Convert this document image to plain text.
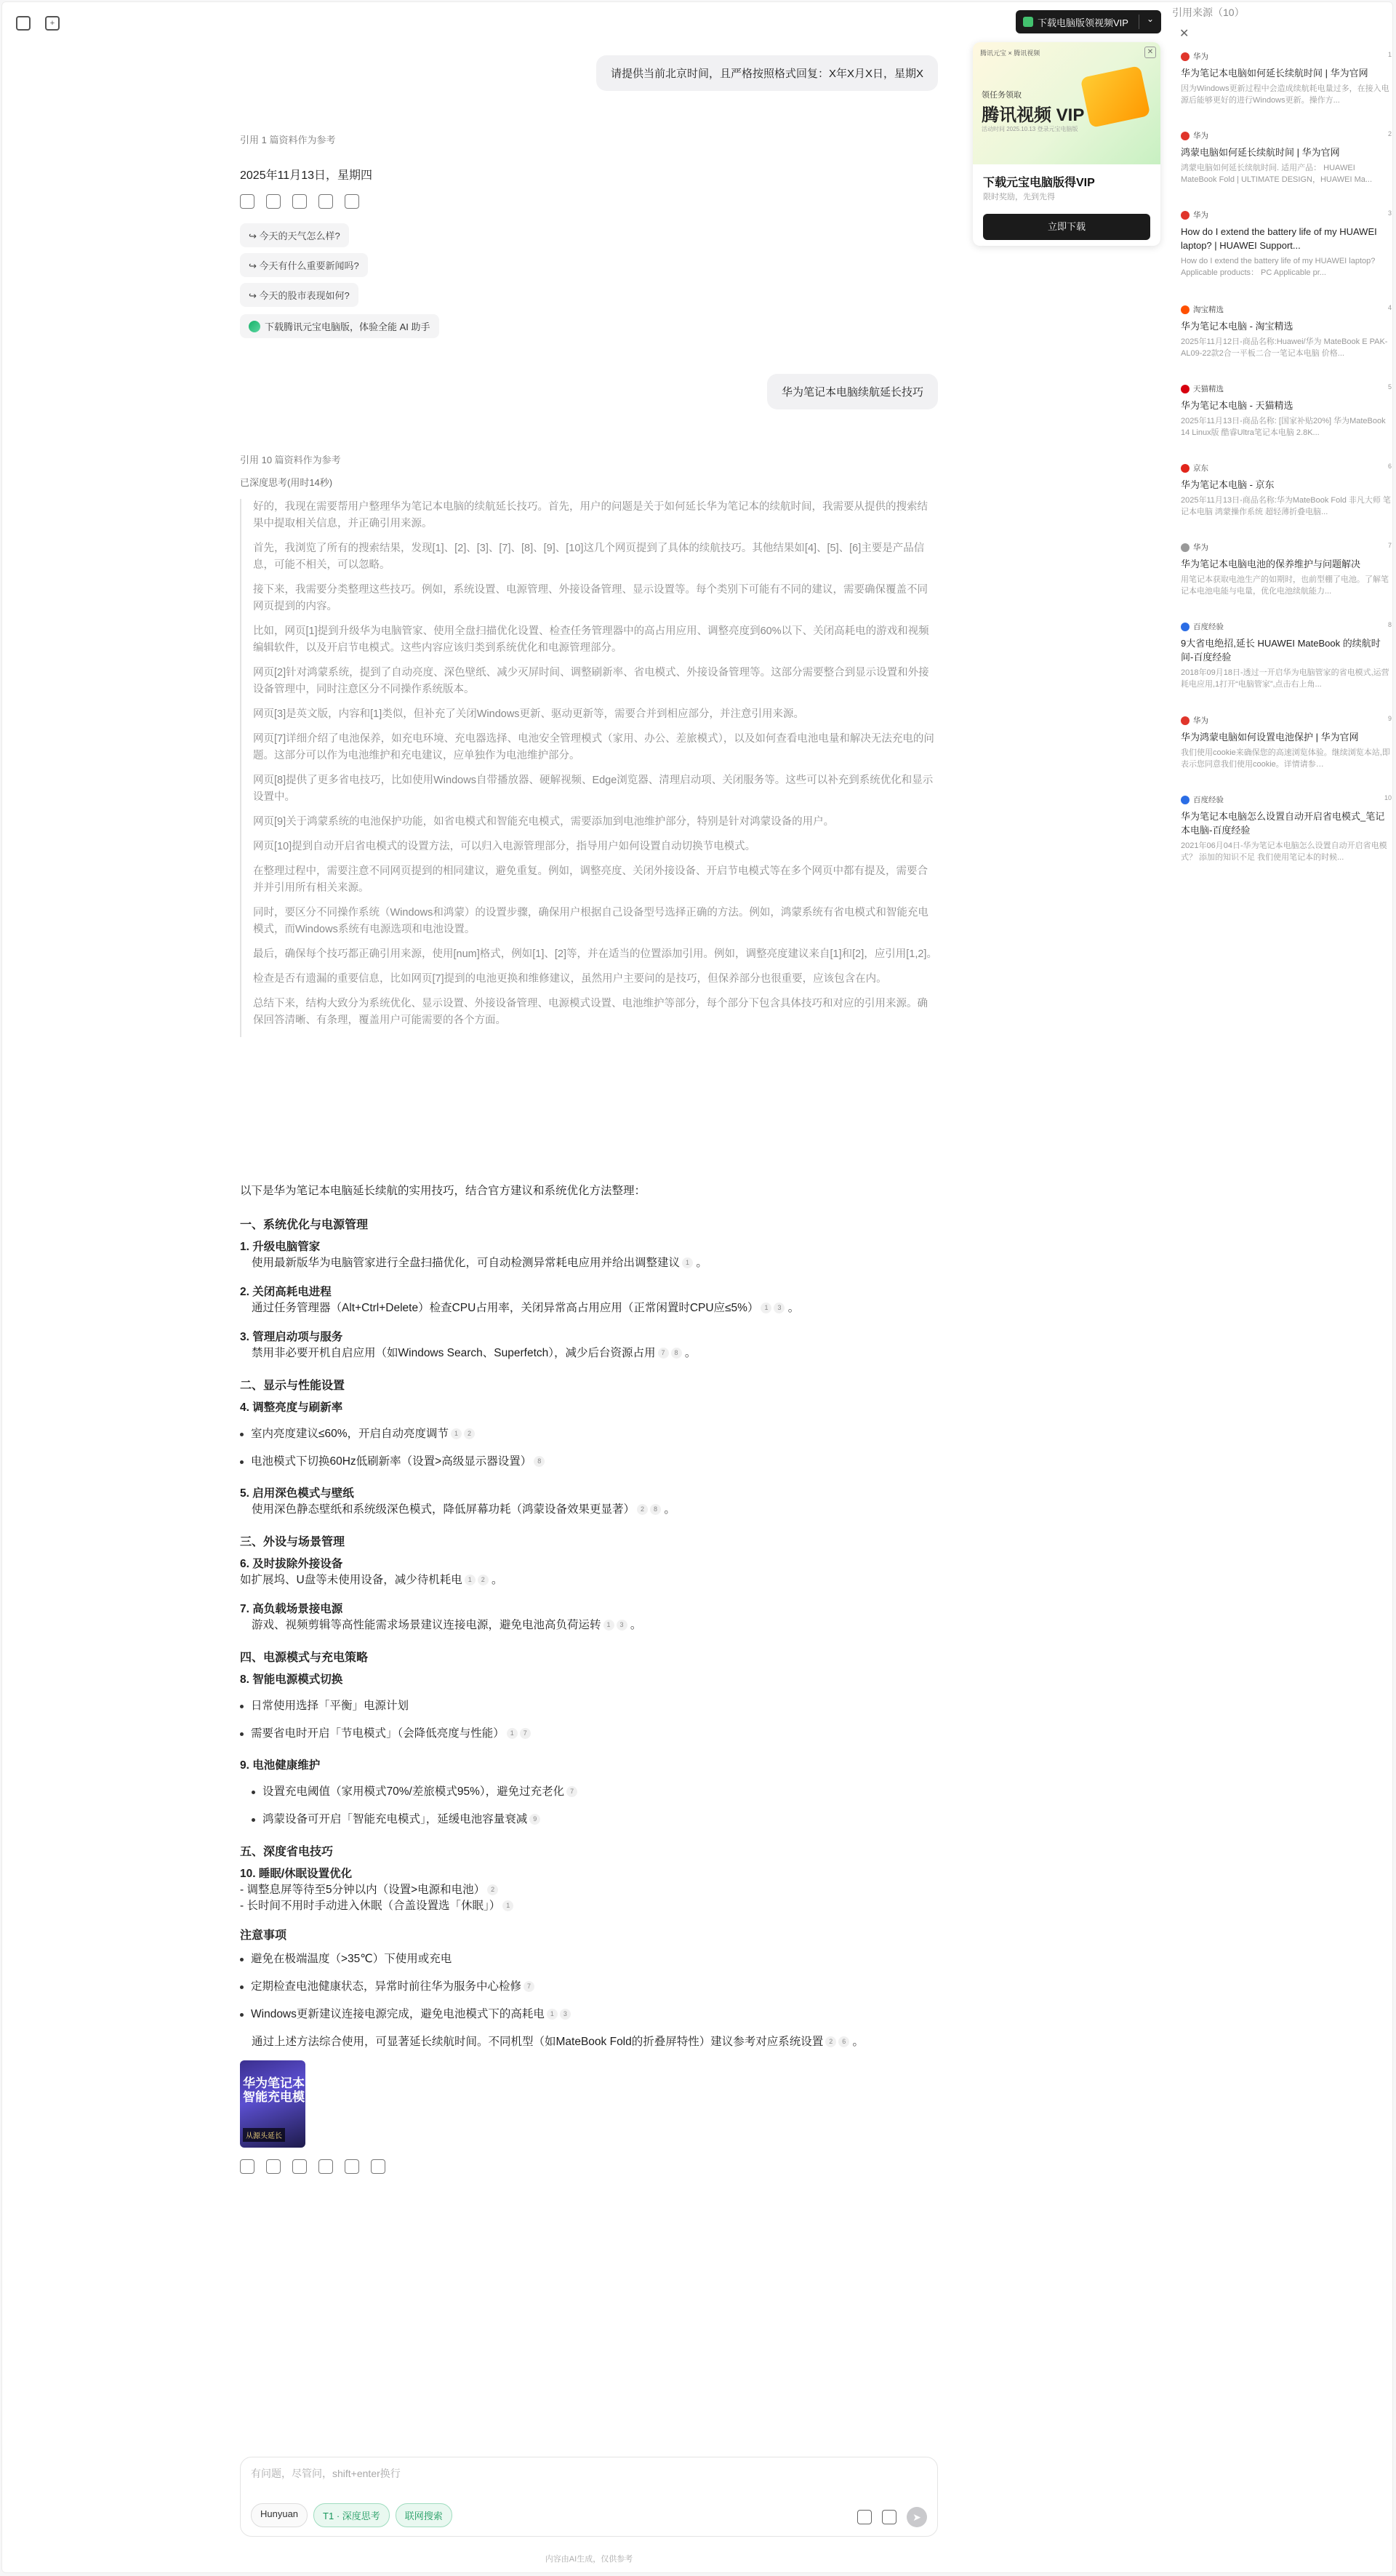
+
请提供当前北京时间，且严格按照格式回复：X年X月X日，星期X
引用 1 篇资料作为参考
2025年11月13日，星期四
↪ 今天的天气怎么样?
↪ 今天有什么重要新闻吗?
↪ 今天的股市表现如何?
下载腾讯元宝电脑版，体验全能 AI 助手
华为笔记本电脑续航延长技巧
引用 10 篇资料作为参考
已深度思考(用时14秒)

好的，我现在需要帮用户整理华为笔记本电脑的续航延长技巧。首先，用户的问题是关于如何延长华为笔记本的续航时间，我需要从提供的搜索结果中提取相关信息，并正确引用来源。

首先，我浏览了所有的搜索结果，发现[1]、[2]、[3]、[7]、[8]、[9]、[10]这几个网页提到了具体的续航技巧。其他结果如[4]、[5]、[6]主要是产品信息，可能不相关，可以忽略。

接下来，我需要分类整理这些技巧。例如，系统设置、电源管理、外接设备管理、显示设置等。每个类别下可能有不同的建议，需要确保覆盖不同网页提到的内容。

比如，网页[1]提到升级华为电脑管家、使用全盘扫描优化设置、检查任务管理器中的高占用应用、调整亮度到60%以下、关闭高耗电的游戏和视频编辑软件，以及开启节电模式。这些内容应该归类到系统优化和电源管理部分。

网页[2]针对鸿蒙系统，提到了自动亮度、深色壁纸、减少灭屏时间、调整刷新率、省电模式、外接设备管理等。这部分需要整合到显示设置和外接设备管理中，同时注意区分不同操作系统版本。

网页[3]是英文版，内容和[1]类似，但补充了关闭Windows更新、驱动更新等，需要合并到相应部分，并注意引用来源。

网页[7]详细介绍了电池保养，如充电环境、充电器选择、电池安全管理模式（家用、办公、差旅模式），以及如何查看电池电量和解决无法充电的问题。这部分可以作为电池维护和充电建议，应单独作为电池维护部分。

网页[8]提供了更多省电技巧，比如使用Windows自带播放器、硬解视频、Edge浏览器、清理启动项、关闭服务等。这些可以补充到系统优化和显示设置中。

网页[9]关于鸿蒙系统的电池保护功能，如省电模式和智能充电模式，需要添加到电池维护部分，特别是针对鸿蒙设备的用户。

网页[10]提到自动开启省电模式的设置方法，可以归入电源管理部分，指导用户如何设置自动切换节电模式。

在整理过程中，需要注意不同网页提到的相同建议，避免重复。例如，调整亮度、关闭外接设备、开启节电模式等在多个网页中都有提及，需要合并并引用所有相关来源。

同时，要区分不同操作系统（Windows和鸿蒙）的设置步骤，确保用户根据自己设备型号选择正确的方法。例如，鸿蒙系统有省电模式和智能充电模式，而Windows系统有电源选项和电池设置。

最后，确保每个技巧都正确引用来源，使用[num]格式，例如[1]、[2]等，并在适当的位置添加引用。例如，调整亮度建议来自[1]和[2]，应引用[1,2]。

检查是否有遗漏的重要信息，比如网页[7]提到的电池更换和维修建议，虽然用户主要问的是技巧，但保养部分也很重要，应该包含在内。

总结下来，结构大致分为系统优化、显示设置、外接设备管理、电源模式设置、电池维护等部分，每个部分下包含具体技巧和对应的引用来源。确保回答清晰、有条理，覆盖用户可能需要的各个方面。

以下是华为笔记本电脑延长续航的实用技巧，结合官方建议和系统优化方法整理：
一、系统优化与电源管理
1. 升级电脑管家
使用最新版华为电脑管家进行全盘扫描优化，可自动检测异常耗电应用并给出调整建议 1 。
2. 关闭高耗电进程
通过任务管理器（Alt+Ctrl+Delete）检查CPU占用率，关闭异常高占用应用（正常闲置时CPU应≤5%） 1 3 。
3. 管理启动项与服务
禁用非必要开机自启应用（如Windows Search、Superfetch），减少后台资源占用 7 8 。
二、显示与性能设置
4. 调整亮度与刷新率
室内亮度建议≤60%，开启自动亮度调节 1 2
电池模式下切换60Hz低刷新率（设置>高级显示器设置） 8
5. 启用深色模式与壁纸
使用深色静态壁纸和系统级深色模式，降低屏幕功耗（鸿蒙设备效果更显著） 2 8 。
三、外设与场景管理
6. 及时拔除外接设备
如扩展坞、U盘等未使用设备，减少待机耗电 1 2 。
7. 高负载场景接电源
游戏、视频剪辑等高性能需求场景建议连接电源，避免电池高负荷运转 1 3 。
四、电源模式与充电策略
8. 智能电源模式切换
日常使用选择「平衡」电源计划
需要省电时开启「节电模式」（会降低亮度与性能） 1 7
9. 电池健康维护
设置充电阈值（家用模式70%/差旅模式95%），避免过充老化 7
鸿蒙设备可开启「智能充电模式」，延缓电池容量衰减 9
五、深度省电技巧
10. 睡眠/休眠设置优化
- 调整息屏等待至5分钟以内（设置>电源和电池） 2
- 长时间不用时手动进入休眠（合盖设置选「休眠」） 1
注意事项
避免在极端温度（>35℃）下使用或充电
定期检查电池健康状态，异常时前往华为服务中心检修 7
Windows更新建议连接电源完成，避免电池模式下的高耗电 1 3
通过上述方法综合使用，可显著延长续航时间。不同机型（如MateBook Fold的折叠屏特性）建议参考对应系统设置 2 6 。
华为笔记本智能充电模
从源头延长
有问题，尽管问，shift+enter换行
Hunyuan	T1 · 深度思考	联网搜索	➤
内容由AI生成，仅供参考
下载电脑版领视频VIP ⌄
腾讯元宝 × 腾讯视频
领任务领取
腾讯视频 VIP
活动时间 2025.10.13 登录元宝电脑版
✕
下载元宝电脑版得VIP
限时奖励，先到先得
立即下载
引用来源（10）
✕
华为	1
华为笔记本电脑如何延长续航时间 | 华为官网
因为Windows更新过程中会造成续航耗电量过多，在接入电源后能够更好的进行Windows更新。操作方...
华为	2
鸿蒙电脑如何延长续航时间 | 华为官网
鸿蒙电脑如何延长续航时间. 适用产品： HUAWEI MateBook Fold | ULTIMATE DESIGN，HUAWEI Ma...
华为	3
How do I extend the battery life of my HUAWEI laptop? | HUAWEI Support...
How do I extend the battery life of my HUAWEI laptop? Applicable products： PC Applicable pr...
淘宝精选	4
华为笔记本电脑 - 淘宝精选
2025年11月12日-商品名称:Huawei/华为 MateBook E PAK-AL09-22款2合一平板二合一笔记本电脑 价格...
天猫精选	5
华为笔记本电脑 - 天猫精选
2025年11月13日-商品名称: [国家补贴20%] 华为MateBook 14 Linux版 酷睿Ultra笔记本电脑 2.8K...
京东	6
华为笔记本电脑 - 京东
2025年11月13日-商品名称:华为MateBook Fold 非凡大师 笔记本电脑 鸿蒙操作系统 超轻薄折叠电脑...
华为	7
华为笔记本电脑电池的保养维护与问题解决
用笔记本获取电池生产的如期时，也前型棚了电池。了解笔记本电池电能与电量，优化电池续航能力...
百度经验	8
9大省电绝招,延长 HUAWEI MateBook 的续航时间-百度经验
2018年09月18日-透过一开启华为电脑管家的省电模式,运营耗电应用,1打开“电脑管家”,点击右上角...
华为	9
华为鸿蒙电脑如何设置电池保护 | 华为官网
我们使用cookie来确保您的高速浏览体验。继续浏览本站,即表示您同意我们使用cookie。详情请参…
百度经验	10
华为笔记本电脑怎么设置自动开启省电模式_笔记本电脑-百度经验
2021年06月04日-华为笔记本电脑怎么设置自动开启省电模式？ 添加的知识不足 我们使用笔记本的时候...
